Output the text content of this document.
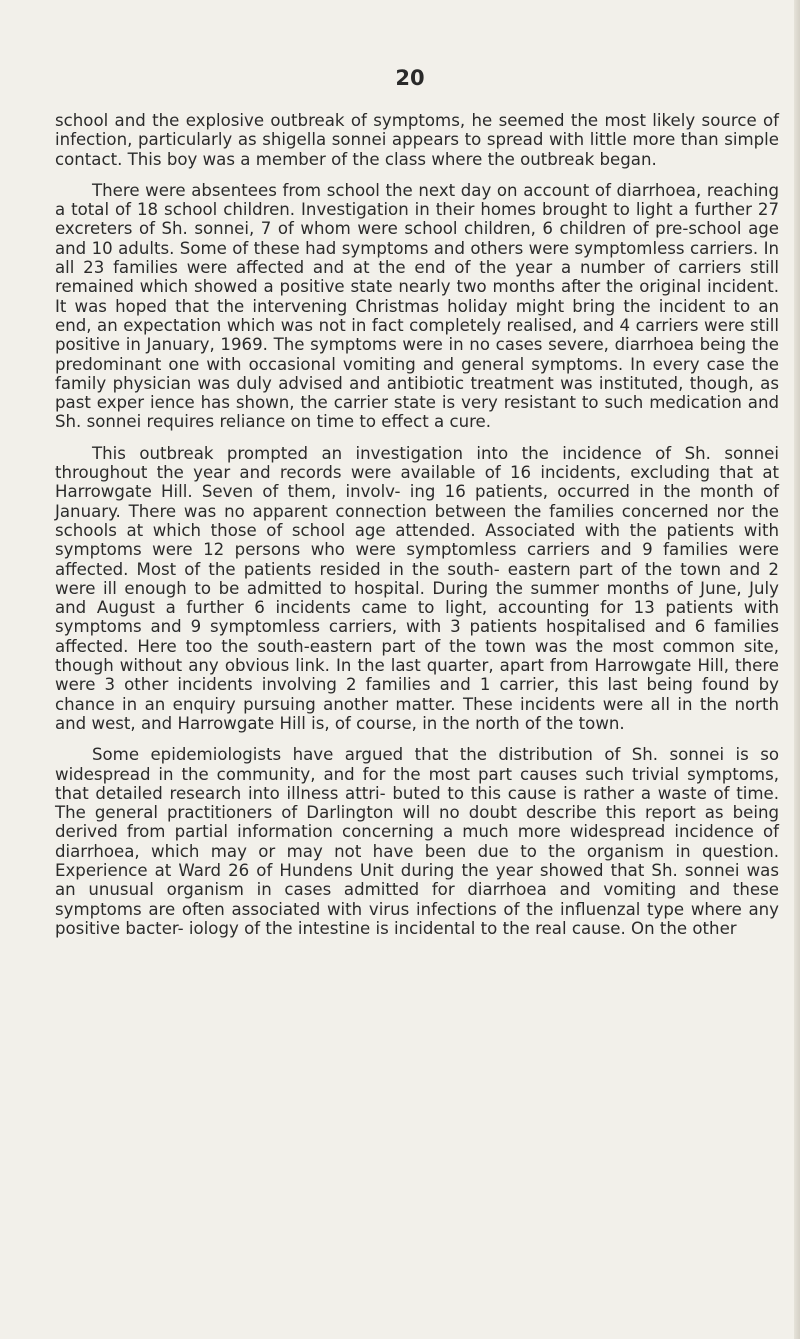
20

school and the explosive outbreak of symptoms, he seemed the most likely source of infection, particularly as shigella sonnei appears to spread with little more than simple contact. This boy was a member of the class where the outbreak began.

There were absentees from school the next day on account of diarrhoea, reaching a total of 18 school children. Investigation in their homes brought to light a further 27 excreters of Sh. sonnei, 7 of whom were school children, 6 children of pre-school age and 10 adults. Some of these had symptoms and others were symptomless carriers. In all 23 families were affected and at the end of the year a number of carriers still remained which showed a positive state nearly two months after the original incident. It was hoped that the intervening Christmas holiday might bring the incident to an end, an expectation which was not in fact completely realised, and 4 carriers were still positive in January, 1969. The symptoms were in no cases severe, diarrhoea being the predominant one with occasional vomiting and general symptoms. In every case the family physician was duly advised and antibiotic treatment was instituted, though, as past exper ience has shown, the carrier state is very resistant to such medication and Sh. sonnei requires reliance on time to effect a cure.

This outbreak prompted an investigation into the incidence of Sh. sonnei throughout the year and records were available of 16 incidents, excluding that at Harrowgate Hill. Seven of them, involv- ing 16 patients, occurred in the month of January. There was no apparent connection between the families concerned nor the schools at which those of school age attended. Associated with the patients with symptoms were 12 persons who were symptomless carriers and 9 families were affected. Most of the patients resided in the south- eastern part of the town and 2 were ill enough to be admitted to hospital. During the summer months of June, July and August a further 6 incidents came to light, accounting for 13 patients with symptoms and 9 symptomless carriers, with 3 patients hospitalised and 6 families affected. Here too the south-eastern part of the town was the most common site, though without any obvious link. In the last quarter, apart from Harrowgate Hill, there were 3 other incidents involving 2 families and 1 carrier, this last being found by chance in an enquiry pursuing another matter. These incidents were all in the north and west, and Harrowgate Hill is, of course, in the north of the town.

Some epidemiologists have argued that the distribution of Sh. sonnei is so widespread in the community, and for the most part causes such trivial symptoms, that detailed research into illness attri- buted to this cause is rather a waste of time. The general practitioners of Darlington will no doubt describe this report as being derived from partial information concerning a much more widespread incidence of diarrhoea, which may or may not have been due to the organism in question. Experience at Ward 26 of Hundens Unit during the year showed that Sh. sonnei was an unusual organism in cases admitted for diarrhoea and vomiting and these symptoms are often associated with virus infections of the influenzal type where any positive bacter- iology of the intestine is incidental to the real cause. On the other
